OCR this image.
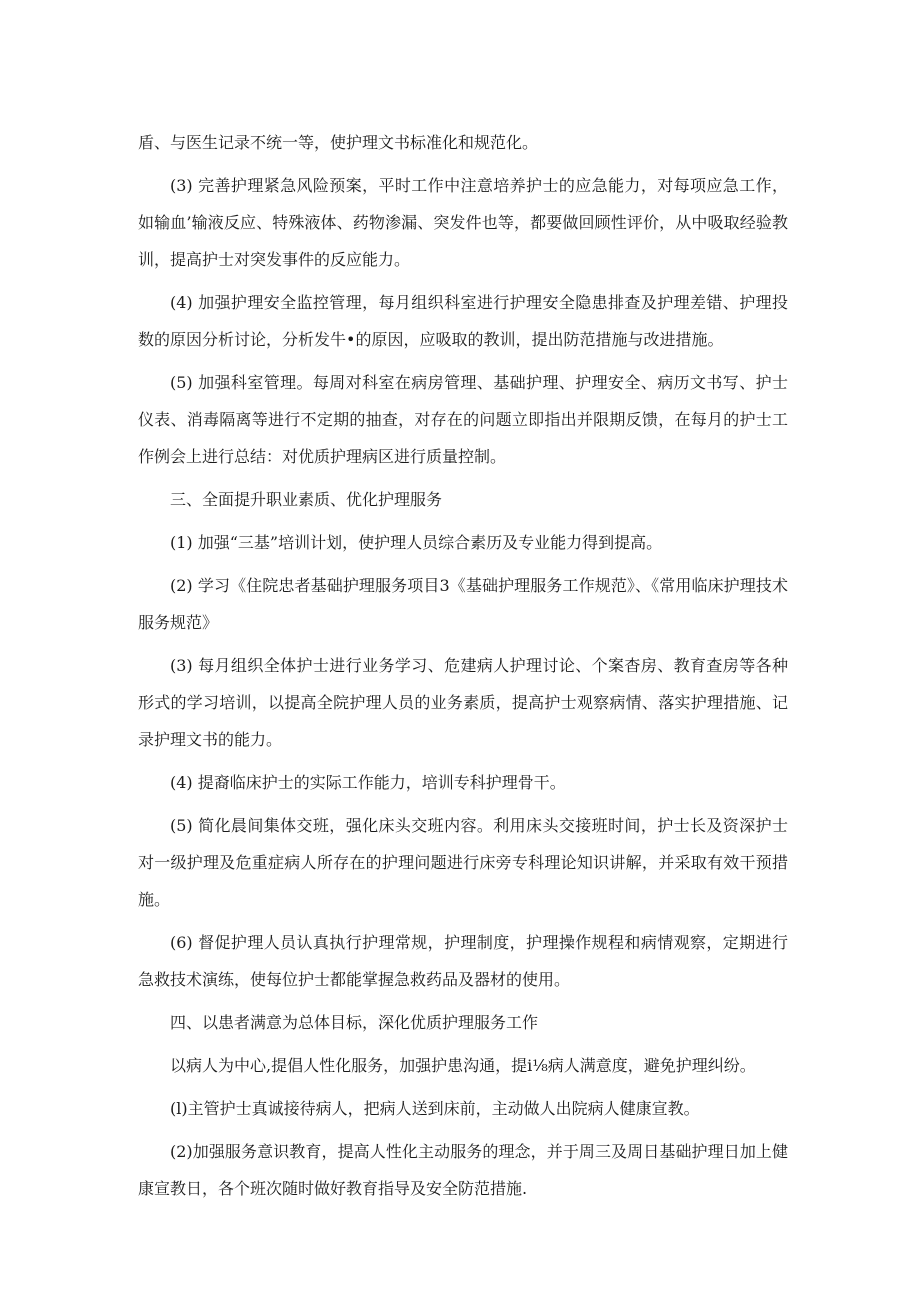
盾、与医生记录不统一等，使护理文书标准化和规范化。

(3) 完善护理紧急风险预案，平时工作中注意培养护士的应急能力，对每项应急工作，如输血’输液反应、特殊液体、药物渗漏、突发件也等，都要做回顾性评价，从中吸取经验教训，提高护士对突发事件的反应能力。

(4) 加强护理安全监控管理，每月组织科室进行护理安全隐患排查及护理差错、护理投数的原因分析讨论，分析发牛•的原因，应吸取的教训，提出防范措施与改进措施。

(5) 加强科室管理。每周对科室在病房管理、基础护理、护理安全、病历文书写、护士仪表、消毒隔离等进行不定期的抽查，对存在的问题立即指出并限期反馈，在每月的护士工作例会上进行总结：对优质护理病区进行质量控制。

三、全面提升职业素质、优化护理服务

(1) 加强“三基”培训计划，使护理人员综合素历及专业能力得到提高。

(2) 学习《住院忠者基础护理服务项目3《基础护理服务工作规范》、《常用临床护理技术服务规范》

(3) 每月组织全体护士进行业务学习、危建病人护理讨论、个案杳房、教育查房等各种形式的学习培训，以提高全院护理人员的业务素质，提高护士观察病情、落实护理措施、记录护理文书的能力。

(4) 提裔临床护士的实际工作能力，培训专科护理骨干。

(5) 简化晨间集体交班，强化床头交班内容。利用床头交接班时间，护士长及资深护士对一级护理及危重症病人所存在的护理问题进行床旁专科理论知识讲解，并采取有效干预措施。

(6) 督促护理人员认真执行护理常规，护理制度，护理操作规程和病情观察，定期进行急救技术演练，使每位护士都能掌握急救药品及器材的使用。

四、以患者满意为总体目标，深化优质护理服务工作

以病人为中心,提倡人性化服务，加强护患沟通，提i⅛病人满意度，避免护理纠纷。

(l)主管护士真诚接待病人，把病人送到床前，主动做人出院病人健康宣教。

(2)加强服务意识教育，提高人性化主动服务的理念，并于周三及周日基础护理日加上健康宣教日，各个班次随时做好教育指导及安全防范措施.
